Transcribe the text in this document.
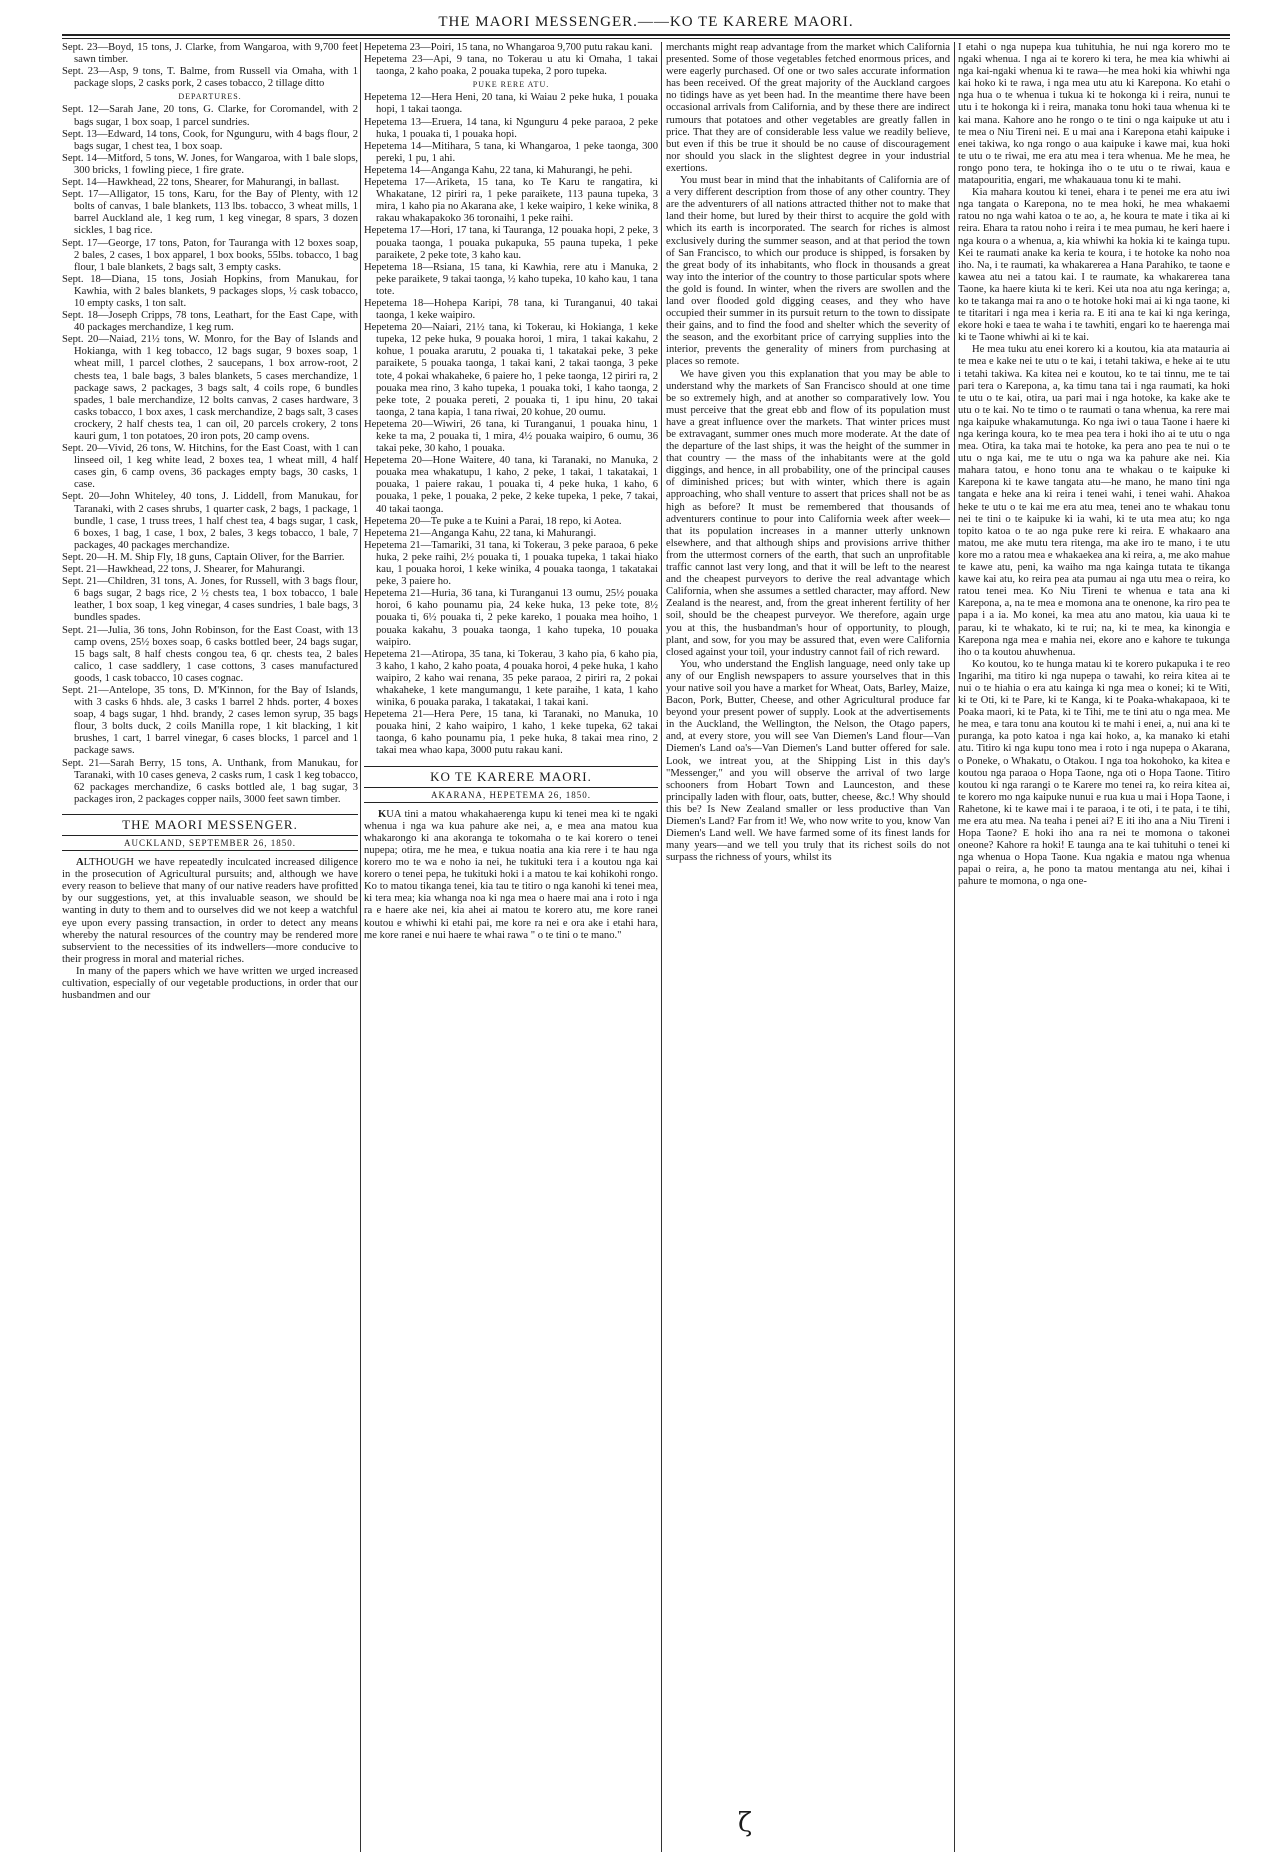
THE MAORI MESSENGER.——KO TE KARERE MAORI.
Sept. 23—Boyd, 15 tons, J. Clarke, from Wangaroa, with 9,700 feet sawn timber.
Sept. 23—Asp, 9 tons, T. Balme, from Russell via Omaha, with 1 package slops, 2 casks pork, 2 cases tobacco, 2 tillage ditto
DEPARTURES.
Sept. 12—Sarah Jane, 20 tons, G. Clarke, for Coromandel, with 2 bags sugar, 1 box soap, 1 parcel sundries.
Sept. 13—Edward, 14 tons, Cook, for Ngunguru, with 4 bags flour, 2 bags sugar, 1 chest tea, 1 box soap.
Sept. 14—Mitford, 5 tons, W. Jones, for Wangaroa, with 1 bale slops, 300 bricks, 1 fowling piece, 1 fire grate.
Sept. 14—Hawkhead, 22 tons, Shearer, for Mahurangi, in ballast.
Sept. 17—Alligator, 15 tons, Karu, for the Bay of Plenty, with 12 bolts of canvas, 1 bale blankets, 113 lbs. tobacco, 3 wheat mills, 1 barrel Auckland ale, 1 keg rum, 1 keg vinegar, 8 spars, 3 dozen sickles, 1 bag rice.
Sept. 17—George, 17 tons, Paton, for Tauranga with 12 boxes soap, 2 bales, 2 cases, 1 box apparel, 1 box books, 55lbs. tobacco, 1 bag flour, 1 bale blankets, 2 bags salt, 3 empty casks.
Sept. 18—Diana, 15 tons, Josiah Hopkins, from Manukau, for Kawhia, with 2 bales blankets, 9 packages slops, ½ cask tobacco, 10 empty casks, 1 ton salt.
Sept. 18—Joseph Cripps, 78 tons, Leathart, for the East Cape, with 40 packages merchandize, 1 keg rum.
Sept. 20—Naiad, 21½ tons, W. Monro, for the Bay of Islands and Hokianga, with 1 keg tobacco, 12 bags sugar, 9 boxes soap, 1 wheat mill, 1 parcel clothes, 2 saucepans, 1 box arrow-root, 2 chests tea, 1 bale bags, 3 bales blankets, 5 cases merchandize, 1 package saws, 2 packages, 3 bags salt, 4 coils rope, 6 bundles spades, 1 bale merchandize, 12 bolts canvas, 2 cases hardware, 3 casks tobacco, 1 box axes, 1 cask merchandize, 2 bags salt, 3 cases crockery, 2 half chests tea, 1 can oil, 20 parcels crokery, 2 tons kauri gum, 1 ton potatoes, 20 iron pots, 20 camp ovens.
Sept. 20—Vivid, 26 tons, W. Hitchins, for the East Coast, with 1 can linseed oil, 1 keg white lead, 2 boxes tea, 1 wheat mill, 4 half cases gin, 6 camp ovens, 36 packages empty bags, 30 casks, 1 case.
Sept. 20—John Whiteley, 40 tons, J. Liddell, from Manukau, for Taranaki, with 2 cases shrubs, 1 quarter cask, 2 bags, 1 package, 1 bundle, 1 case, 1 truss trees, 1 half chest tea, 4 bags sugar, 1 cask, 6 boxes, 1 bag, 1 case, 1 box, 2 bales, 3 kegs tobacco, 1 bale, 7 packages, 40 packages merchandize.
Sept. 20—H. M. Ship Fly, 18 guns, Captain Oliver, for the Barrier.
Sept. 21—Hawkhead, 22 tons, J. Shearer, for Mahurangi.
Sept. 21—Children, 31 tons, A. Jones, for Russell, with 3 bags flour, 6 bags sugar, 2 bags rice, 2 ½ chests tea, 1 box tobacco, 1 bale leather, 1 box soap, 1 keg vinegar, 4 cases sundries, 1 bale bags, 3 bundles spades.
Sept. 21—Julia, 36 tons, John Robinson, for the East Coast, with 13 camp ovens, 25½ boxes soap, 6 casks bottled beer, 24 bags sugar, 15 bags salt, 8 half chests congou tea, 6 qr. chests tea, 2 bales calico, 1 case saddlery, 1 case cottons, 3 cases manufactured goods, 1 cask tobacco, 10 cases cognac.
Sept. 21—Antelope, 35 tons, D. M'Kinnon, for the Bay of Islands, with 3 casks 6 hhds. ale, 3 casks 1 barrel 2 hhds. porter, 4 boxes soap, 4 bags sugar, 1 hhd. brandy, 2 cases lemon syrup, 35 bags flour, 3 bolts duck, 2 coils Manilla rope, 1 kit blacking, 1 kit brushes, 1 cart, 1 barrel vinegar, 6 cases blocks, 1 parcel and 1 package saws.
Sept. 21—Sarah Berry, 15 tons, A. Unthank, from Manukau, for Taranaki, with 10 cases geneva, 2 casks rum, 1 cask 1 keg tobacco, 62 packages merchandize, 6 casks bottled ale, 1 bag sugar, 3 packages iron, 2 packages copper nails, 3000 feet sawn timber.
THE MAORI MESSENGER.
AUCKLAND, SEPTEMBER 26, 1850.

ALTHOUGH we have repeatedly inculcated increased diligence in the prosecution of Agricultural pursuits; and, although we have every reason to believe that many of our native readers have profitted by our suggestions, yet, at this invaluable season, we should be wanting in duty to them and to ourselves did we not keep a watchful eye upon every passing transaction, in order to detect any means whereby the natural resources of the country may be rendered more subservient to the necessities of its indwellers—more conducive to their progress in moral and material riches.

In many of the papers which we have written we urged increased cultivation, especially of our vegetable productions, in order that our husbandmen and our

Hepetema 23—Poiri, 15 tana, no Whangaroa 9,700 putu rakau kani.
Hepetema 23—Api, 9 tana, no Tokerau u atu ki Omaha, 1 takai taonga, 2 kaho poaka, 2 pouaka tupeka, 2 poro tupeka.
PUKE RERE ATU.
Hepetema 12—Hera Heni, 20 tana, ki Waiau 2 peke huka, 1 pouaka hopi, 1 takai taonga.
Hepetema 13—Eruera, 14 tana, ki Ngunguru 4 peke paraoa, 2 peke huka, 1 pouaka ti, 1 pouaka hopi.
Hepetema 14—Mitihara, 5 tana, ki Whangaroa, 1 peke taonga, 300 pereki, 1 pu, 1 ahi.
Hepetema 14—Anganga Kahu, 22 tana, ki Mahurangi, he pehi.
Hepetema 17—Ariketa, 15 tana, ko Te Karu te rangatira, ki Whakatane, 12 piriri ra, 1 peke paraikete, 113 pauna tupeka, 3 mira, 1 kaho pia no Akarana ake, 1 keke waipiro, 1 keke winika, 8 rakau whakapakoko 36 toronaihi, 1 peke raihi.
Hepetema 17—Hori, 17 tana, ki Tauranga, 12 pouaka hopi, 2 peke, 3 pouaka taonga, 1 pouaka pukapuka, 55 pauna tupeka, 1 peke paraikete, 2 peke tote, 3 kaho kau.
Hepetema 18—Rsiana, 15 tana, ki Kawhia, rere atu i Manuka, 2 peke paraikete, 9 takai taonga, ½ kaho tupeka, 10 kaho kau, 1 tana tote.
Hepetema 18—Hohepa Karipi, 78 tana, ki Turanganui, 40 takai taonga, 1 keke waipiro.
Hepetema 20—Naiari, 21½ tana, ki Tokerau, ki Hokianga, 1 keke tupeka, 12 peke huka, 9 pouaka horoi, 1 mira, 1 takai kakahu, 2 kohue, 1 pouaka ararutu, 2 pouaka ti, 1 takatakai peke, 3 peke paraikete, 5 pouaka taonga, 1 takai kani, 2 takai taonga, 3 peke tote, 4 pokai whakaheke, 6 paiere ho, 1 peke taonga, 12 piriri ra, 2 pouaka mea rino, 3 kaho tupeka, 1 pouaka toki, 1 kaho taonga, 2 peke tote, 2 pouaka pereti, 2 pouaka ti, 1 ipu hinu, 20 takai taonga, 2 tana kapia, 1 tana riwai, 20 kohue, 20 oumu.
Hepetema 20—Wiwiri, 26 tana, ki Turanganui, 1 pouaka hinu, 1 keke ta ma, 2 pouaka ti, 1 mira, 4½ pouaka waipiro, 6 oumu, 36 takai peke, 30 kaho, 1 pouaka.
Hepetema 20—Hone Waitere, 40 tana, ki Taranaki, no Manuka, 2 pouaka mea whakatupu, 1 kaho, 2 peke, 1 takai, 1 takatakai, 1 pouaka, 1 paiere rakau, 1 pouaka ti, 4 peke huka, 1 kaho, 6 pouaka, 1 peke, 1 pouaka, 2 peke, 2 keke tupeka, 1 peke, 7 takai, 40 takai taonga.
Hepetema 20—Te puke a te Kuini a Parai, 18 repo, ki Aotea.
Hepetema 21—Anganga Kahu, 22 tana, ki Mahurangi.
Hepetema 21—Tamariki, 31 tana, ki Tokerau, 3 peke paraoa, 6 peke huka, 2 peke raihi, 2½ pouaka ti, 1 pouaka tupeka, 1 takai hiako kau, 1 pouaka horoi, 1 keke winika, 4 pouaka taonga, 1 takatakai peke, 3 paiere ho.
Hepetema 21—Huria, 36 tana, ki Turanganui 13 oumu, 25½ pouaka horoi, 6 kaho pounamu pia, 24 keke huka, 13 peke tote, 8½ pouaka ti, 6½ pouaka ti, 2 peke kareko, 1 pouaka mea hoiho, 1 pouaka kakahu, 3 pouaka taonga, 1 kaho tupeka, 10 pouaka waipiro.
Hepetema 21—Atiropa, 35 tana, ki Tokerau, 3 kaho pia, 6 kaho pia, 3 kaho, 1 kaho, 2 kaho poata, 4 pouaka horoi, 4 peke huka, 1 kaho waipiro, 2 kaho wai renana, 35 peke paraoa, 2 piriri ra, 2 pokai whakaheke, 1 kete mangumangu, 1 kete paraihe, 1 kata, 1 kaho winika, 6 pouaka paraka, 1 takatakai, 1 takai kani.
Hepetema 21—Hera Pere, 15 tana, ki Taranaki, no Manuka, 10 pouaka hini, 2 kaho waipiro, 1 kaho, 1 keke tupeka, 62 takai taonga, 6 kaho pounamu pia, 1 peke huka, 8 takai mea rino, 2 takai mea whao kapa, 3000 putu rakau kani.
KO TE KARERE MAORI.
AKARANA, HEPETEMA 26, 1850.

KUA tini a matou whakahaerenga kupu ki tenei mea ki te ngaki whenua i nga wa kua pahure ake nei, a, e mea ana matou kua whakarongo ki ana akoranga te tokomaha o te kai korero o tenei nupepa; otira, me he mea, e tukua noatia ana kia rere i te hau nga korero mo te wa e noho ia nei, he tukituki tera i a koutou nga kai korero o tenei pepa, he tukituki hoki i a matou te kai kohikohi rongo. Ko to matou tikanga tenei, kia tau te titiro o nga kanohi ki tenei mea, ki tera mea; kia whanga noa ki nga mea o haere mai ana i roto i nga ra e haere ake nei, kia ahei ai matou te korero atu, me kore ranei koutou e whiwhi ki etahi pai, me kore ra nei e ora ake i etahi hara, me kore ranei e nui haere te whai rawa " o te tini o te mano."

merchants might reap advantage from the market which California presented. Some of those vegetables fetched enormous prices, and were eagerly purchased. Of one or two sales accurate information has been received. Of the great majority of the Auckland cargoes no tidings have as yet been had. In the meantime there have been occasional arrivals from California, and by these there are indirect rumours that potatoes and other vegetables are greatly fallen in price. That they are of considerable less value we readily believe, but even if this be true it should be no cause of discouragement nor should you slack in the slightest degree in your industrial exertions.

You must bear in mind that the inhabitants of California are of a very different description from those of any other country. They are the adventurers of all nations attracted thither not to make that land their home, but lured by their thirst to acquire the gold with which its earth is incorporated. The search for riches is almost exclusively during the summer season, and at that period the town of San Francisco, to which our produce is shipped, is forsaken by the great body of its inhabitants, who flock in thousands a great way into the interior of the country to those particular spots where the gold is found. In winter, when the rivers are swollen and the land over flooded gold digging ceases, and they who have occupied their summer in its pursuit return to the town to dissipate their gains, and to find the food and shelter which the severity of the season, and the exorbitant price of carrying supplies into the interior, prevents the generality of miners from purchasing at places so remote.

We have given you this explanation that you may be able to understand why the markets of San Francisco should at one time be so extremely high, and at another so comparatively low. You must perceive that the great ebb and flow of its population must have a great influence over the markets. That winter prices must be extravagant, summer ones much more moderate. At the date of the departure of the last ships, it was the height of the summer in that country — the mass of the inhabitants were at the gold diggings, and hence, in all probability, one of the principal causes of diminished prices; but with winter, which there is again approaching, who shall venture to assert that prices shall not be as high as before? It must be remembered that thousands of adventurers continue to pour into California week after week—that its population increases in a manner utterly unknown elsewhere, and that although ships and provisions arrive thither from the uttermost corners of the earth, that such an unprofitable traffic cannot last very long, and that it will be left to the nearest and the cheapest purveyors to derive the real advantage which California, when she assumes a settled character, may afford. New Zealand is the nearest, and, from the great inherent fertility of her soil, should be the cheapest purveyor. We therefore, again urge you at this, the husbandman's hour of opportunity, to plough, plant, and sow, for you may be assured that, even were California closed against your toil, your industry cannot fail of rich reward.

You, who understand the English language, need only take up any of our English newspapers to assure yourselves that in this your native soil you have a market for Wheat, Oats, Barley, Maize, Bacon, Pork, Butter, Cheese, and other Agricultural produce far beyond your present power of supply. Look at the advertisements in the Auckland, the Wellington, the Nelson, the Otago papers, and, at every store, you will see Van Diemen's Land flour—Van Diemen's Land oa's—Van Diemen's Land butter offered for sale. Look, we intreat you, at the Shipping List in this day's "Messenger," and you will observe the arrival of two large schooners from Hobart Town and Launceston, and these principally laden with flour, oats, butter, cheese, &c.! Why should this be? Is New Zealand smaller or less productive than Van Diemen's Land? Far from it! We, who now write to you, know Van Diemen's Land well. We have farmed some of its finest lands for many years—and we tell you truly that its richest soils do not surpass the richness of yours, whilst its

I etahi o nga nupepa kua tuhituhia, he nui nga korero mo te ngaki whenua. I nga ai te korero ki tera, he mea kia whiwhi ai nga kai-ngaki whenua ki te rawa—he mea hoki kia whiwhi nga kai hoko ki te rawa, i nga mea utu atu ki Karepona. Ko etahi o nga hua o te whenua i tukua ki te hokonga ki i reira, nunui te utu i te hokonga ki i reira, manaka tonu hoki taua whenua ki te kai mana. Kahore ano he rongo o te tini o nga kaipuke ut atu i te mea o Niu Tireni nei. E u mai ana i Karepona etahi kaipuke i enei takiwa, ko nga rongo o aua kaipuke i kawe mai, kua hoki te utu o te riwai, me era atu mea i tera whenua. Me he mea, he rongo pono tera, te hokinga iho o te utu o te riwai, kaua e matapouritia, engari, me whakauaua tonu ki te mahi.

Kia mahara koutou ki tenei, ehara i te penei me era atu iwi nga tangata o Karepona, no te mea hoki, he mea whakaemi ratou no nga wahi katoa o te ao, a, he koura te mate i tika ai ki reira. Ehara ta ratou noho i reira i te mea pumau, he keri haere i nga koura o a whenua, a, kia whiwhi ka hokia ki te kainga tupu. Kei te raumati anake ka keria te koura, i te hotoke ka noho noa iho. Na, i te raumati, ka whakarerea a Hana Parahiko, te taone e kawea atu nei a tatou kai. I te raumate, ka whakarerea tana Taone, ka haere kiuta ki te keri. Kei uta noa atu nga keringa; a, ko te takanga mai ra ano o te hotoke hoki mai ai ki nga taone, ki te titaritari i nga mea i keria ra. E iti ana te kai ki nga keringa, ekore hoki e taea te waha i te tawhiti, engari ko te haerenga mai ki te Taone whiwhi ai ki te kai.

He mea tuku atu enei korero ki a koutou, kia ata matauria ai te mea e kake nei te utu o te kai, i tetahi takiwa, e heke ai te utu i tetahi takiwa. Ka kitea nei e koutou, ko te tai tinnu, me te tai pari tera o Karepona, a, ka timu tana tai i nga raumati, ka hoki te utu o te kai, otira, ua pari mai i nga hotoke, ka kake ake te utu o te kai. No te timo o te raumati o tana whenua, ka rere mai nga kaipuke whakamutunga. Ko nga iwi o taua Taone i haere ki nga keringa koura, ko te mea pea tera i hoki iho ai te utu o nga mea. Otira, ka taka mai te hotoke, ka pera ano pea te nui o te utu o nga kai, me te utu o nga wa ka pahure ake nei. Kia mahara tatou, e hono tonu ana te whakau o te kaipuke ki Karepona ki te kawe tangata atu—he mano, he mano tini nga tangata e heke ana ki reira i tenei wahi, i tenei wahi. Ahakoa heke te utu o te kai me era atu mea, tenei ano te whakau tonu nei te tini o te kaipuke ki ia wahi, ki te uta mea atu; ko nga topito katoa o te ao nga puke rere ki reira. E whakaaro ana matou, me ake mutu tera ritenga, ma ake iro te mano, i te utu kore mo a ratou mea e whakaekea ana ki reira, a, me ako mahue te kawe atu, peni, ka waiho ma nga kainga tutata te tikanga kawe kai atu, ko reira pea ata pumau ai nga utu mea o reira, ko ratou tenei mea. Ko Niu Tireni te whenua e tata ana ki Karepona, a, na te mea e momona ana te onenone, ka riro pea te papa i a ia. Mo konei, ka mea atu ano matou, kia uaua ki te parau, ki te whakato, ki te rui; na, ki te mea, ka kinongia e Karepona nga mea e mahia nei, ekore ano e kahore te tukunga iho o ta koutou ahuwhenua.

Ko koutou, ko te hunga matau ki te korero pukapuka i te reo Ingarihi, ma titiro ki nga nupepa o tawahi, ko reira kitea ai te nui o te hiahia o era atu kainga ki nga mea o konei; ki te Witi, ki te Oti, ki te Pare, ki te Kanga, ki te Poaka-whakapaoa, ki te Poaka maori, ki te Pata, ki te Tihi, me te tini atu o nga mea. Me he mea, e tara tonu ana koutou ki te mahi i enei, a, nui ana ki te puranga, ka poto katoa i nga kai hoko, a, ka manako ki etahi atu. Titiro ki nga kupu tono mea i roto i nga nupepa o Akarana, o Poneke, o Whakatu, o Otakou. I nga toa hokohoko, ka kitea e koutou nga paraoa o Hopa Taone, nga oti o Hopa Taone. Titiro koutou ki nga rarangi o te Karere mo tenei ra, ko reira kitea ai, te korero mo nga kaipuke nunui e rua kua u mai i Hopa Taone, i Rahetone, ki te kawe mai i te paraoa, i te oti, i te pata, i te tihi, me era atu mea. Na teaha i penei ai? E iti iho ana a Niu Tireni i Hopa Taone? E hoki iho ana ra nei te momona o takonei oneone? Kahore ra hoki! E taunga ana te kai tuhituhi o tenei ki nga whenua o Hopa Taone. Kua ngakia e matou nga whenua papai o reira, a, he pono ta matou mentanga atu nei, kihai i pahure te momona, o nga one-

ζ
